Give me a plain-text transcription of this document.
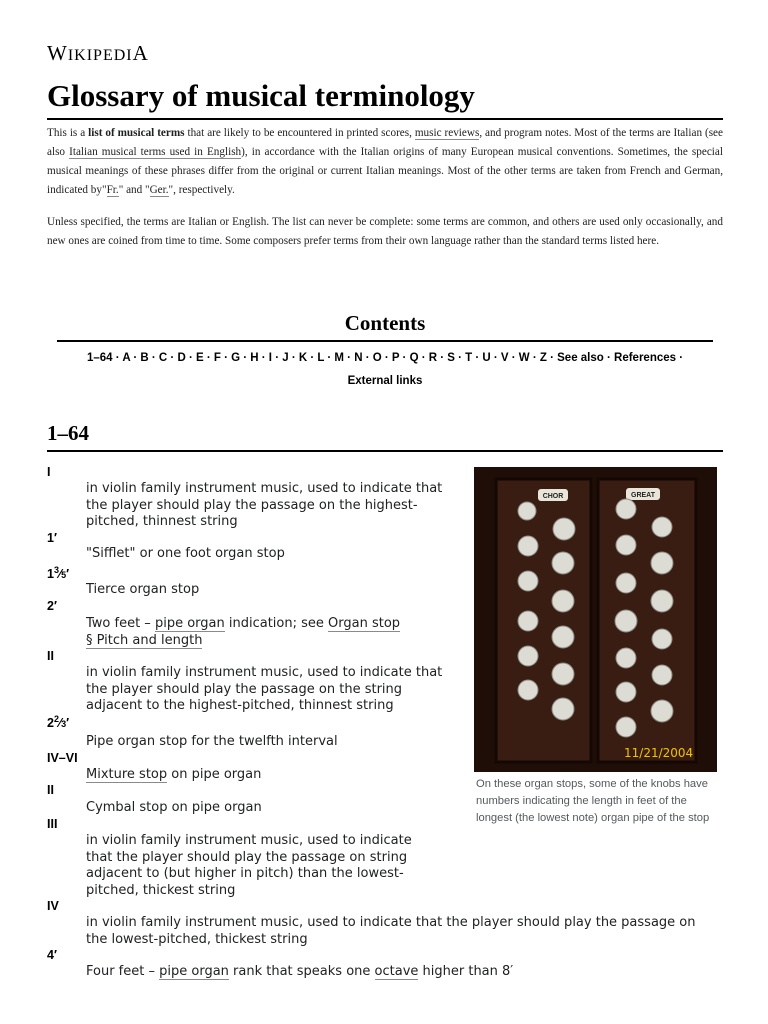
WIKIPEDIA
Glossary of musical terminology

This is a list of musical terms that are likely to be encountered in printed scores, music reviews, and program notes. Most of the terms are Italian (see also Italian musical terms used in English), in accordance with the Italian origins of many European musical conventions. Sometimes, the special musical meanings of these phrases differ from the original or current Italian meanings. Most of the other terms are taken from French and German, indicated by"Fr." and "Ger.", respectively.

Unless specified, the terms are Italian or English. The list can never be complete: some terms are common, and others are used only occasionally, and new ones are coined from time to time. Some composers prefer terms from their own language rather than the standard terms listed here.

Contents
1–64 · A · B · C · D · E · F · G · H · I · J · K · L · M · N · O · P · Q · R · S · T · U · V · W · Z · See also · References ·
External links
1–64
I
in violin family instrument music, used to indicate that the player should play the passage on the highest-pitched, thinnest string
1′
"Sifflet" or one foot organ stop
$1^3⁄5'$
Tierce organ stop
2′
Two feet – pipe organ indication; see Organ stop
§ Pitch and length
II
in violin family instrument music, used to indicate that the player should play the passage on the string adjacent to the highest-pitched, thinnest string
$2^2⁄3'$
Pipe organ stop for the twelfth interval
IV–VI
Mixture stop on pipe organ
II
Cymbal stop on pipe organ
III
in violin family instrument music, used to indicate that the player should play the passage on string adjacent to (but higher in pitch) than the lowest-pitched, thickest string
IV
in violin family instrument music, used to indicate that the player should play the passage on the lowest-pitched, thickest string
4′
Four feet – pipe organ rank that speaks one octave higher than 8′
CHOR	GREAT
11/21/2004
On these organ stops, some of the knobs have numbers indicating the length in feet of the longest (the lowest note) organ pipe of the stop
